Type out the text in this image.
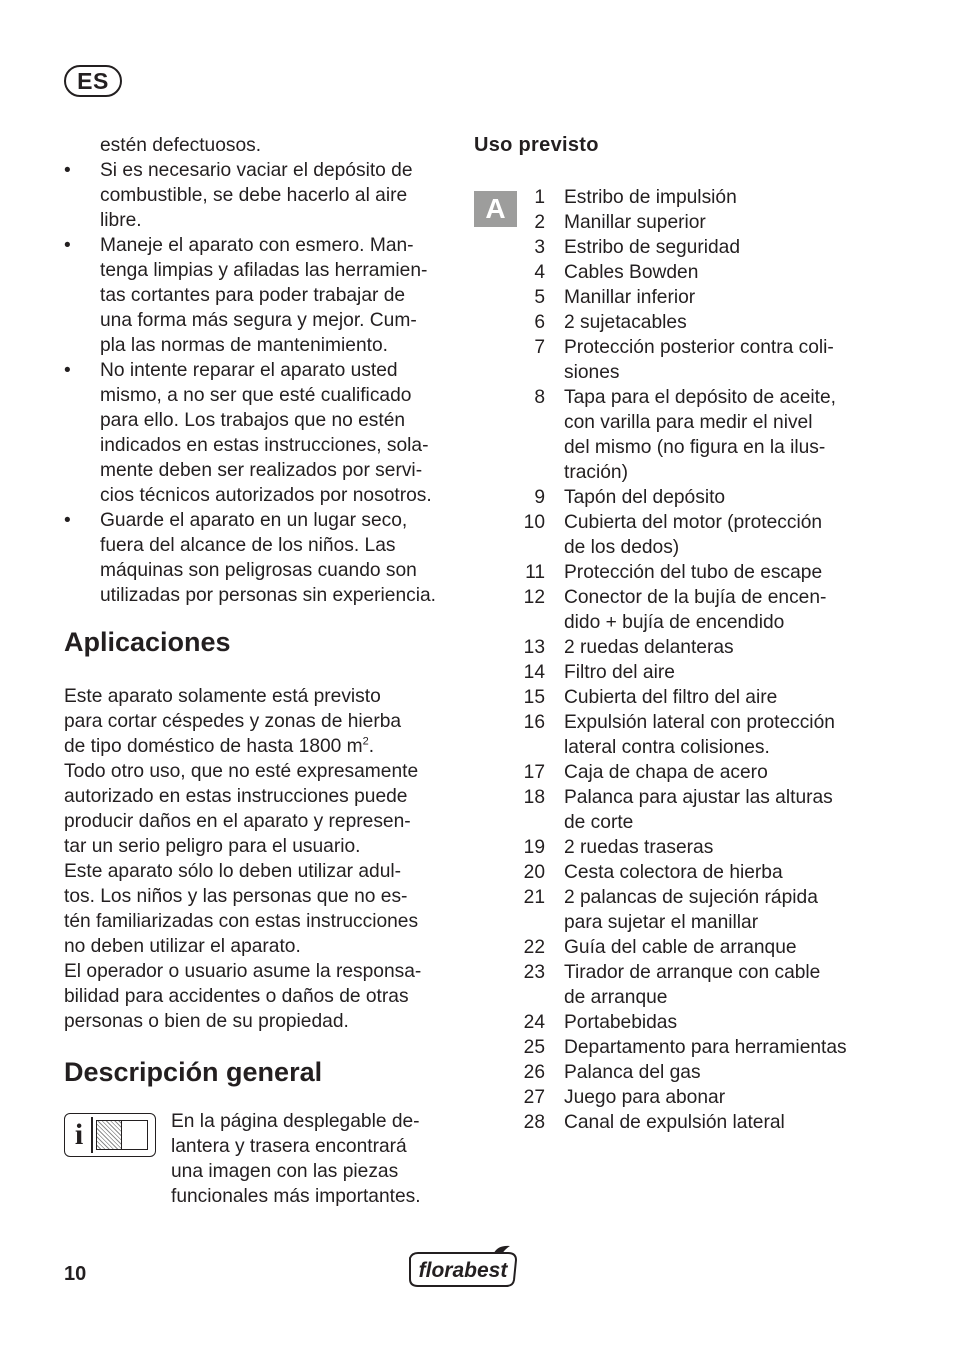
ES
estén defectuosos.
• Si es necesario vaciar el depósito de
combustible, se debe hacerlo al aire
libre.
• Maneje el aparato con esmero. Man-
tenga limpias y afiladas las herramien-
tas cortantes para poder trabajar de
una forma más segura y mejor. Cum-
pla las normas de mantenimiento.
• No intente reparar el aparato usted
mismo, a no ser que esté cualificado
para ello. Los trabajos que no estén
indicados en estas instrucciones, sola-
mente deben ser realizados por servi-
cios técnicos autorizados por nosotros.
• Guarde el aparato en un lugar seco,
fuera del alcance de los niños. Las
máquinas son peligrosas cuando son
utilizadas por personas sin experiencia.
Aplicaciones
Este aparato solamente está previsto
para cortar céspedes y zonas de hierba
de tipo doméstico de hasta 1800 $m^2$.
Todo otro uso, que no esté expresamente
autorizado en estas instrucciones puede
producir daños en el aparato y represen-
tar un serio peligro para el usuario.
Este aparato sólo lo deben utilizar adul-
tos. Los niños y las personas que no es-
tén familiarizadas con estas instrucciones
no deben utilizar el aparato.
El operador o usuario asume la responsa-
bilidad para accidentes o daños de otras
personas o bien de su propiedad.
Descripción general
i	En la página desplegable de-
lantera y trasera encontrará
una imagen con las piezas
funcionales más importantes.
Uso previsto
A	1 Estribo de impulsión
2 Manillar superior
3 Estribo de seguridad
4 Cables Bowden
5 Manillar inferior
6 2 sujetacables
7 Protección posterior contra coli-
siones
8 Tapa para el depósito de aceite,
con varilla para medir el nivel
del mismo (no figura en la ilus-
tración)
9 Tapón del depósito
10 Cubierta del motor (protección
de los dedos)
11 Protección del tubo de escape
12 Conector de la bujía de encen-
dido + bujía de encendido
13 2 ruedas delanteras
14 Filtro del aire
15 Cubierta del filtro del aire
16 Expulsión lateral con protección
lateral contra colisiones.
17 Caja de chapa de acero
18 Palanca para ajustar las alturas
de corte
19 2 ruedas traseras
20 Cesta colectora de hierba
21 2 palancas de sujeción rápida
para sujetar el manillar
22 Guía del cable de arranque
23 Tirador de arranque con cable
de arranque
24 Portabebidas
25 Departamento para herramientas
26 Palanca del gas
27 Juego para abonar
28 Canal de expulsión lateral
10	florabest
